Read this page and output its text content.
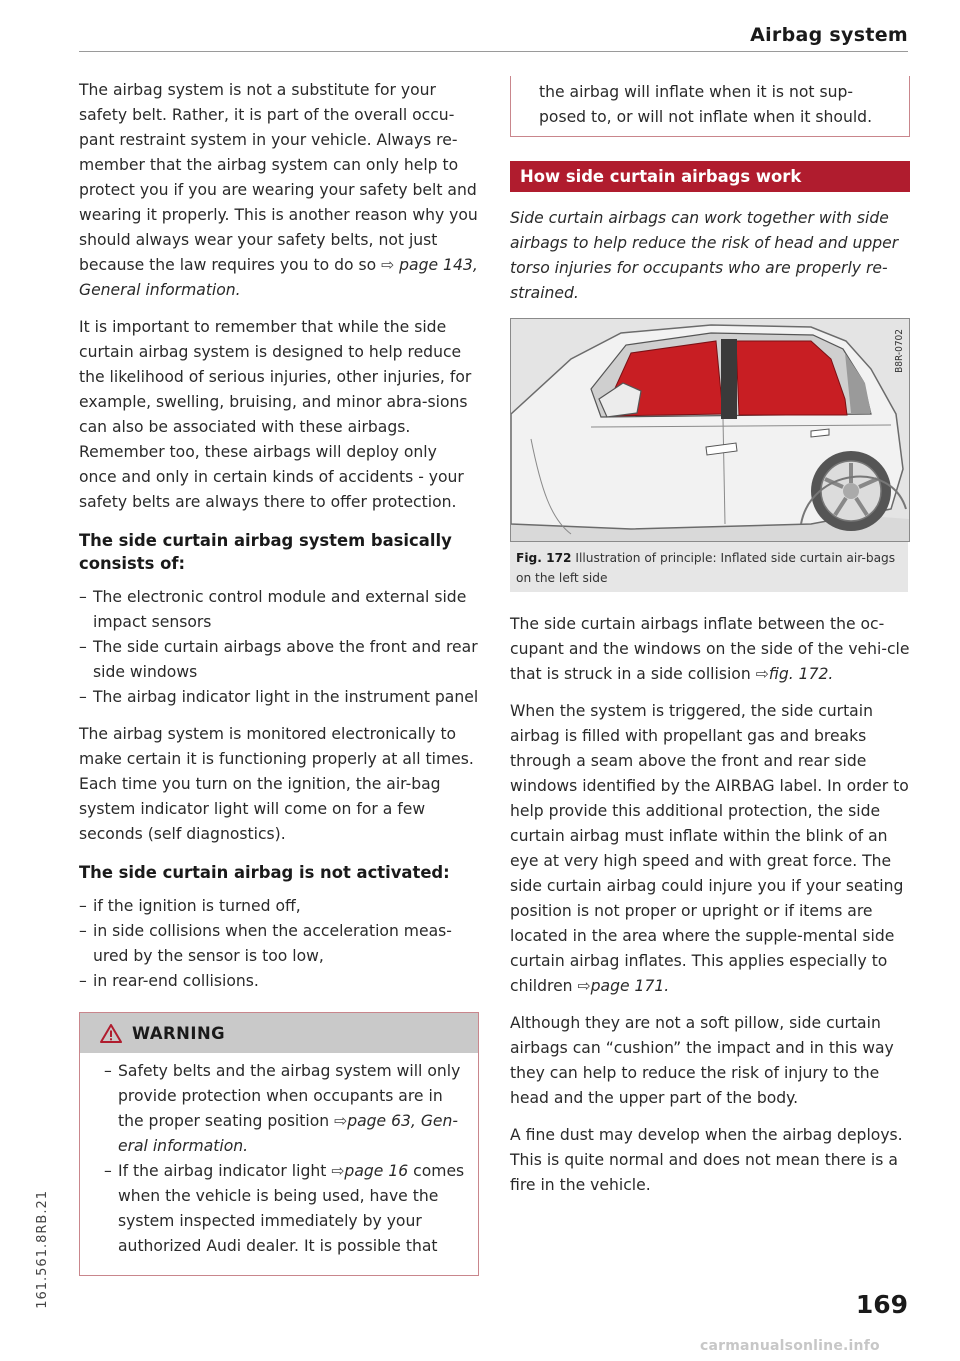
Airbag system

The airbag system is not a substitute for your safety belt. Rather, it is part of the overall occu-pant restraint system in your vehicle. Always re-member that the airbag system can only help to protect you if you are wearing your safety belt and wearing it properly. This is another reason why you should always wear your safety belts, not just because the law requires you to do so ⇨ page 143, General information.

It is important to remember that while the side curtain airbag system is designed to help reduce the likelihood of serious injuries, other injuries, for example, swelling, bruising, and minor abra-sions can also be associated with these airbags. Remember too, these airbags will deploy only once and only in certain kinds of accidents - your safety belts are always there to offer protection.

The side curtain airbag system basically consists of:
– The electronic control module and external side impact sensors
– The side curtain airbags above the front and rear side windows
– The airbag indicator light in the instrument panel

The airbag system is monitored electronically to make certain it is functioning properly at all times. Each time you turn on the ignition, the air-bag system indicator light will come on for a few seconds (self diagnostics).

The side curtain airbag is not activated:
– if the ignition is turned off,
– in side collisions when the acceleration meas-ured by the sensor is too low,
– in rear-end collisions.
WARNING
– Safety belts and the airbag system will only provide protection when occupants are in the proper seating position ⇨page 63, Gen-eral information.
– If the airbag indicator light ⇨page 16 comes when the vehicle is being used, have the system inspected immediately by your authorized Audi dealer. It is possible that

the airbag will inflate when it is not sup-posed to, or will not inflate when it should.

How side curtain airbags work

Side curtain airbags can work together with side airbags to help reduce the risk of head and upper torso injuries for occupants who are properly re-strained.

B8R-0702
Fig. 172 Illustration of principle: Inflated side curtain air-bags on the left side

The side curtain airbags inflate between the oc-cupant and the windows on the side of the vehi-cle that is struck in a side collision ⇨fig. 172.

When the system is triggered, the side curtain airbag is filled with propellant gas and breaks through a seam above the front and rear side windows identified by the AIRBAG label. In order to help provide this additional protection, the side curtain airbag must inflate within the blink of an eye at very high speed and with great force. The side curtain airbag could injure you if your seating position is not proper or upright or if items are located in the area where the supple-mental side curtain airbag inflates. This applies especially to children ⇨page 171.

Although they are not a soft pillow, side curtain airbags can “cushion” the impact and in this way they can help to reduce the risk of injury to the head and the upper part of the body.

A fine dust may develop when the airbag deploys. This is quite normal and does not mean there is a fire in the vehicle.

161.561.8RB.21	169
carmanualsonline.info
